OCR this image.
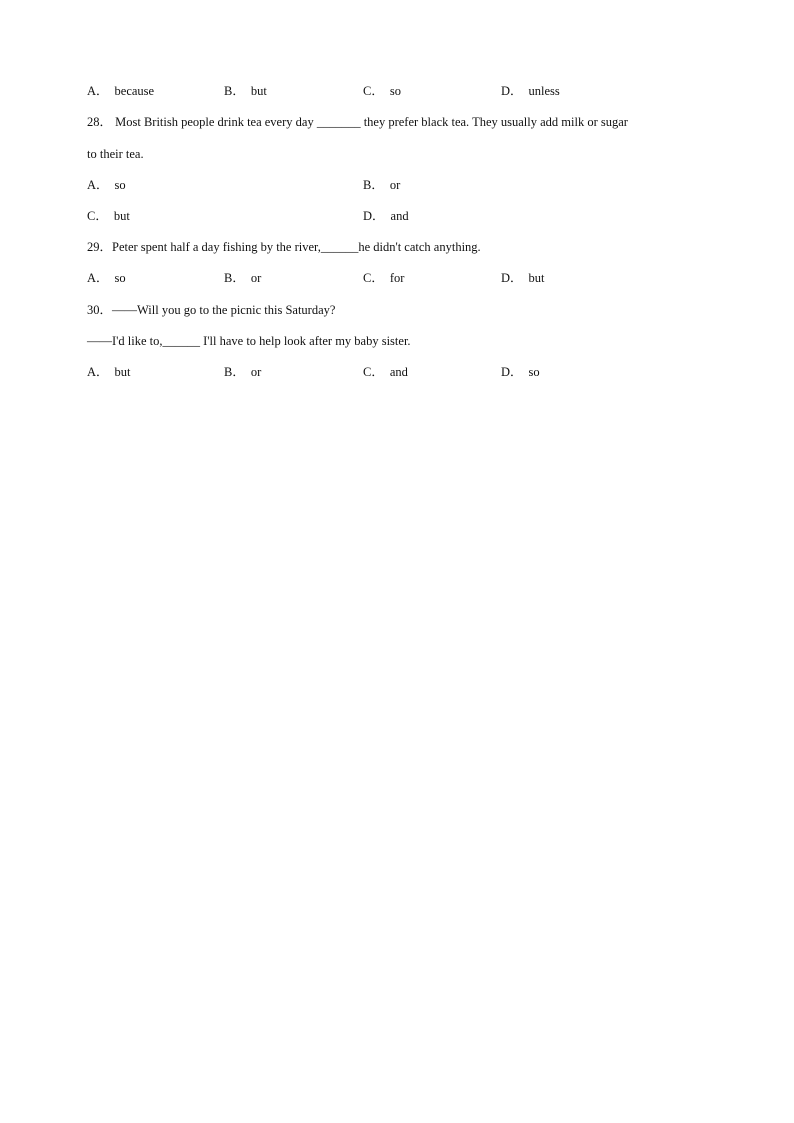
A． because	B． but	C． so	D． unless
28． Most British people drink tea every day _______ they prefer black tea. They usually add milk or sugar
to their tea.
A． so	B． or
C． but	D． and
29．Peter spent half a day fishing by the river,______he didn't catch anything.
A． so	B． or	C． for	D． but
30．——Will you go to the picnic this Saturday?
——I'd like to,______ I'll have to help look after my baby sister.
A． but	B． or	C． and	D． so
